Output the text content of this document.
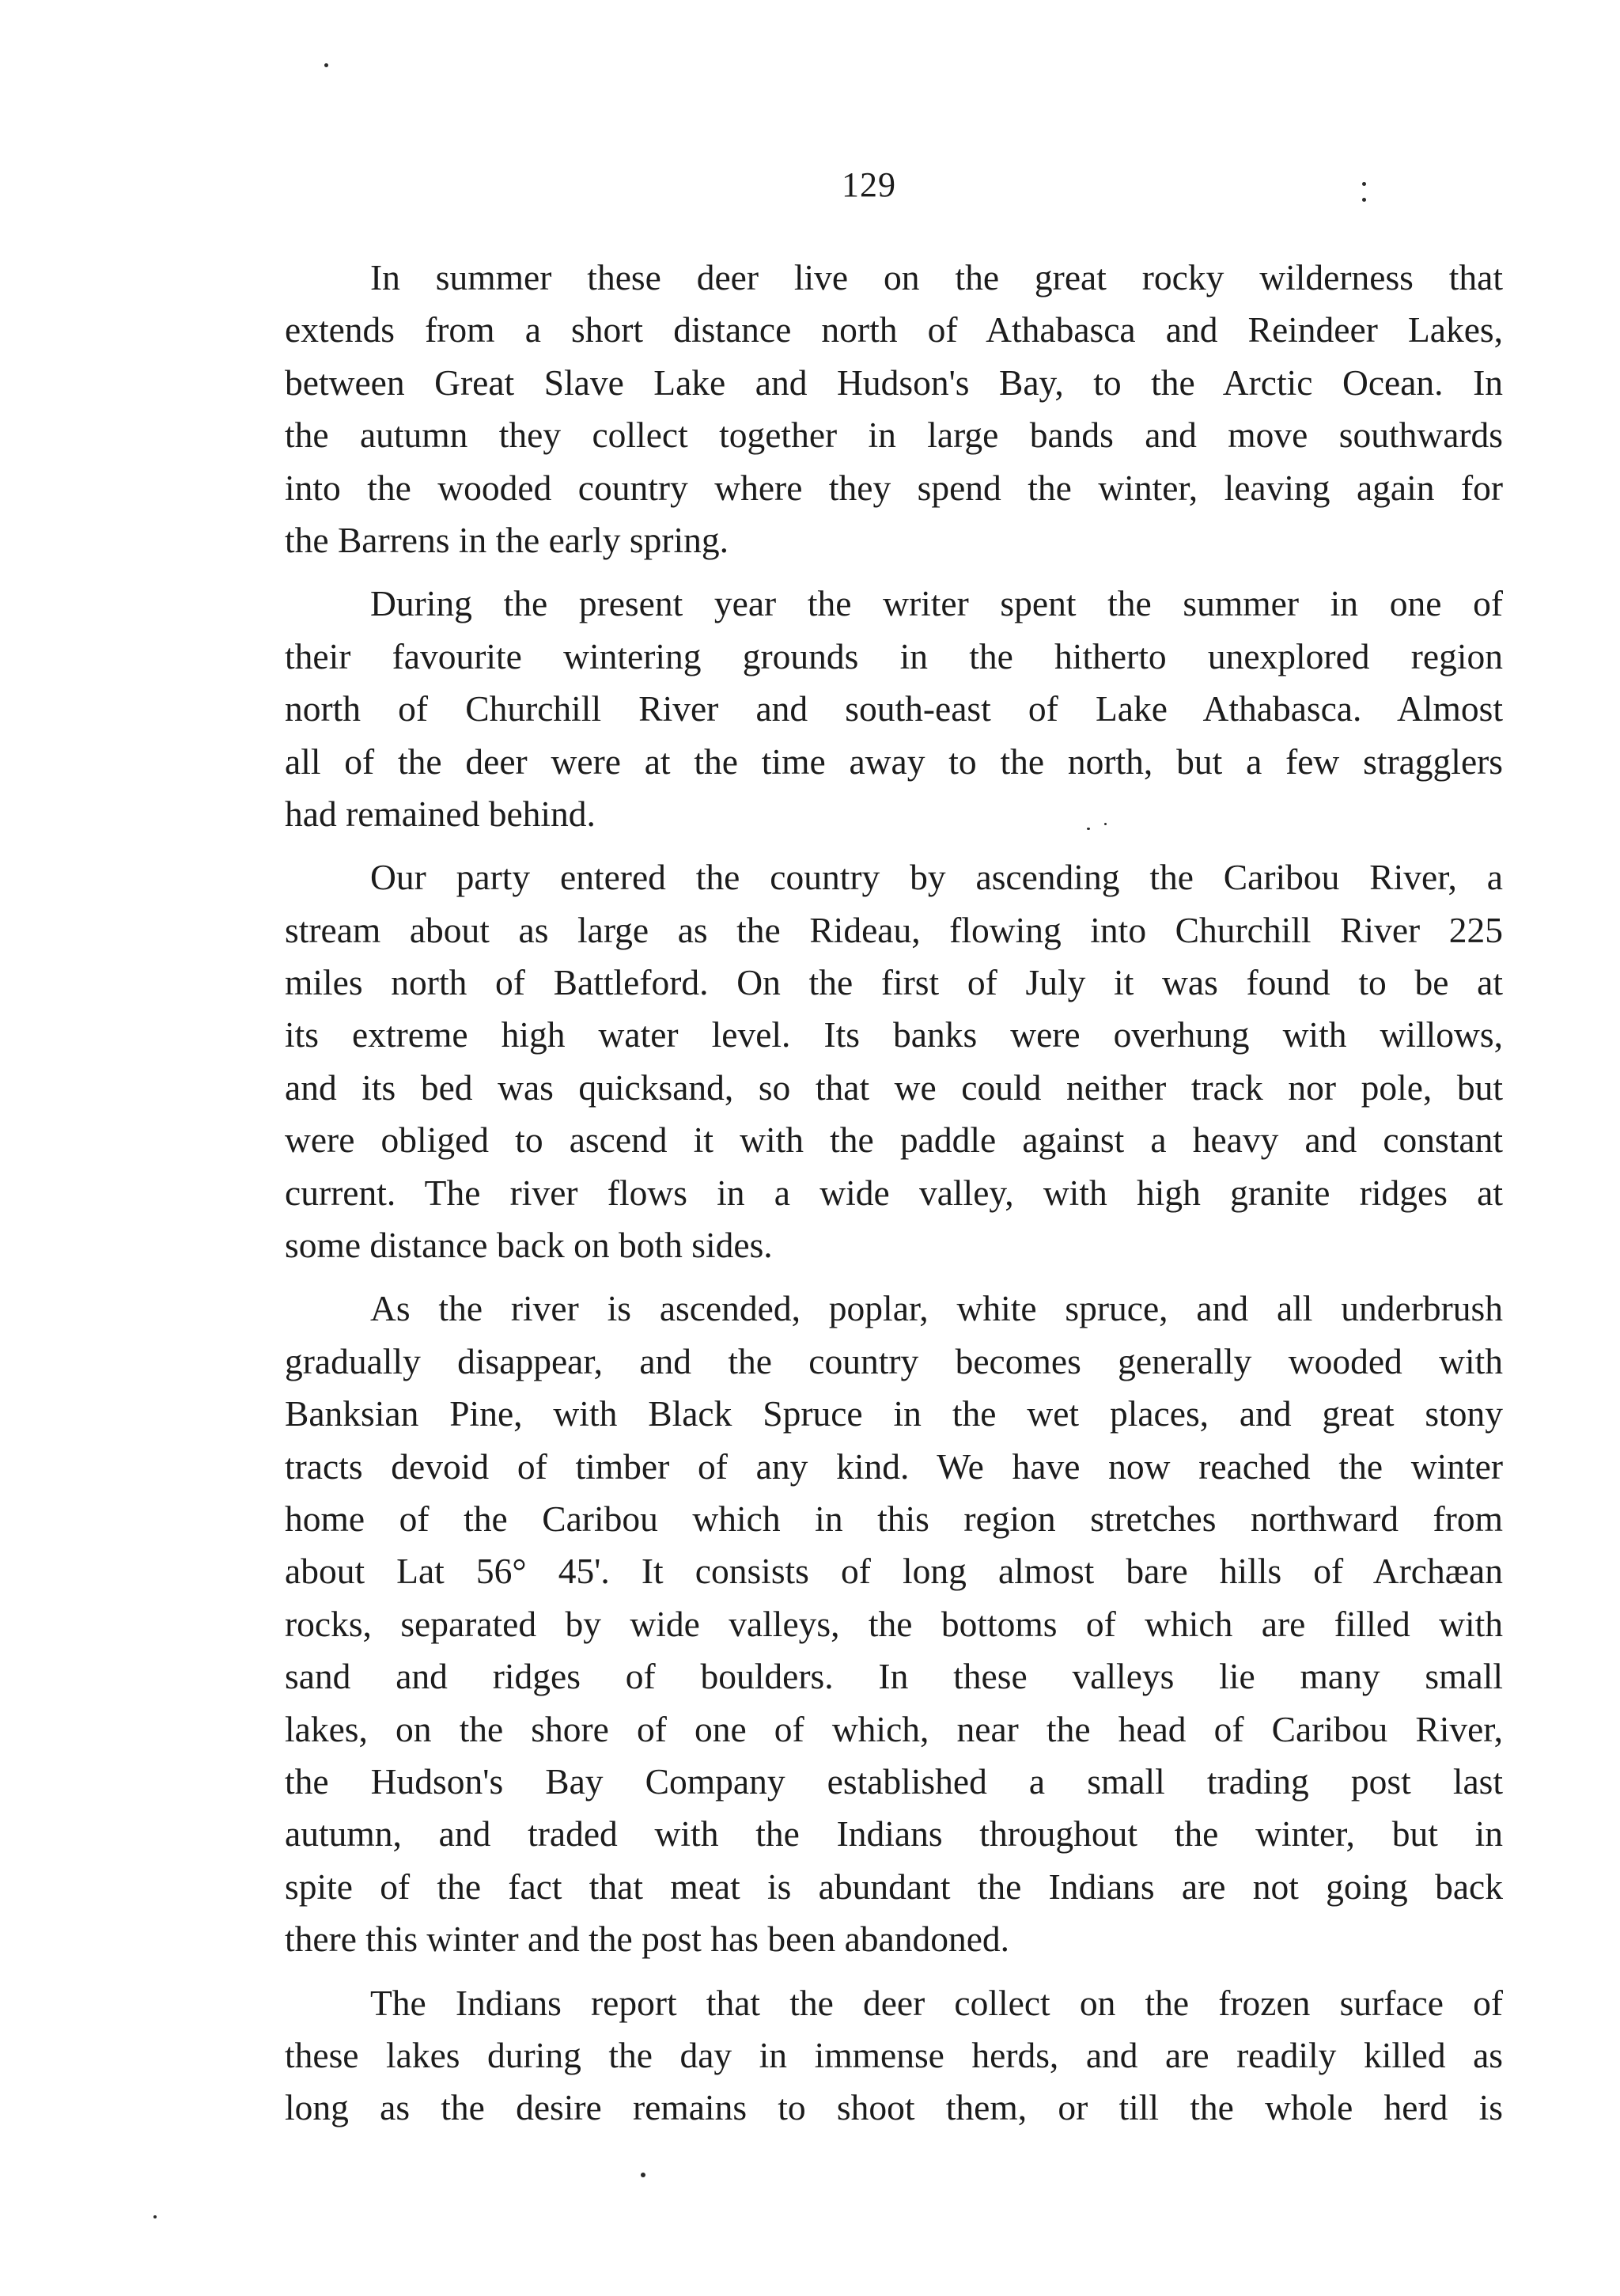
129
In summer these deer live on the great rocky wilderness that
extends from a short distance north of Athabasca and Reindeer Lakes,
between Great Slave Lake and Hudson's Bay, to the Arctic Ocean. In
the autumn they collect together in large bands and move southwards
into the wooded country where they spend the winter, leaving again for
the Barrens in the early spring.
During the present year the writer spent the summer in one of
their favourite wintering grounds in the hitherto unexplored region
north of Churchill River and south-east of Lake Athabasca. Almost
all of the deer were at the time away to the north, but a few stragglers
had remained behind.
Our party entered the country by ascending the Caribou River, a
stream about as large as the Rideau, flowing into Churchill River 225
miles north of Battleford. On the first of July it was found to be at
its extreme high water level. Its banks were overhung with willows,
and its bed was quicksand, so that we could neither track nor pole, but
were obliged to ascend it with the paddle against a heavy and constant
current. The river flows in a wide valley, with high granite ridges at
some distance back on both sides.
As the river is ascended, poplar, white spruce, and all underbrush
gradually disappear, and the country becomes generally wooded with
Banksian Pine, with Black Spruce in the wet places, and great stony
tracts devoid of timber of any kind. We have now reached the winter
home of the Caribou which in this region stretches northward from
about Lat 56° 45'. It consists of long almost bare hills of Archæan
rocks, separated by wide valleys, the bottoms of which are filled with
sand and ridges of boulders. In these valleys lie many small
lakes, on the shore of one of which, near the head of Caribou River,
the Hudson's Bay Company established a small trading post last
autumn, and traded with the Indians throughout the winter, but in
spite of the fact that meat is abundant the Indians are not going back
there this winter and the post has been abandoned.
The Indians report that the deer collect on the frozen surface of
these lakes during the day in immense herds, and are readily killed as
long as the desire remains to shoot them, or till the whole herd is
